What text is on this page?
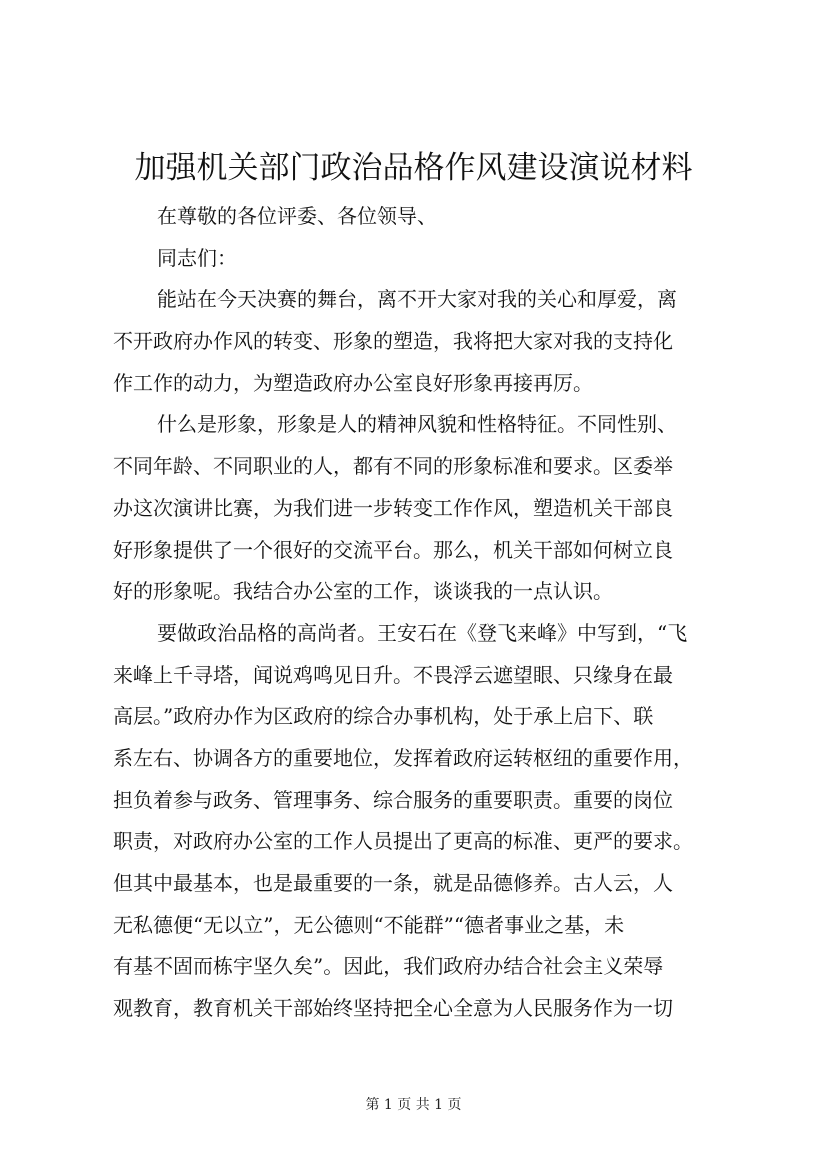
加强机关部门政治品格作风建设演说材料
在尊敬的各位评委、各位领导、
同志们：
能站在今天决赛的舞台，离不开大家对我的关心和厚爱，离
不开政府办作风的转变、形象的塑造，我将把大家对我的支持化
作工作的动力，为塑造政府办公室良好形象再接再厉。
什么是形象，形象是人的精神风貌和性格特征。不同性别、
不同年龄、不同职业的人，都有不同的形象标准和要求。区委举
办这次演讲比赛，为我们进一步转变工作作风，塑造机关干部良
好形象提供了一个很好的交流平台。那么，机关干部如何树立良
好的形象呢。我结合办公室的工作，谈谈我的一点认识。
要做政治品格的高尚者。王安石在《登飞来峰》中写到，“飞
来峰上千寻塔，闻说鸡鸣见日升。不畏浮云遮望眼、只缘身在最
高层。”政府办作为区政府的综合办事机构，处于承上启下、联
系左右、协调各方的重要地位，发挥着政府运转枢纽的重要作用，
担负着参与政务、管理事务、综合服务的重要职责。重要的岗位
职责，对政府办公室的工作人员提出了更高的标准、更严的要求。
但其中最基本，也是最重要的一条，就是品德修养。古人云，人
无私德便“无以立”，无公德则“不能群”“德者事业之基，未
有基不固而栋宇坚久矣”。因此，我们政府办结合社会主义荣辱
观教育，教育机关干部始终坚持把全心全意为人民服务作为一切
第 1 页 共 1 页
